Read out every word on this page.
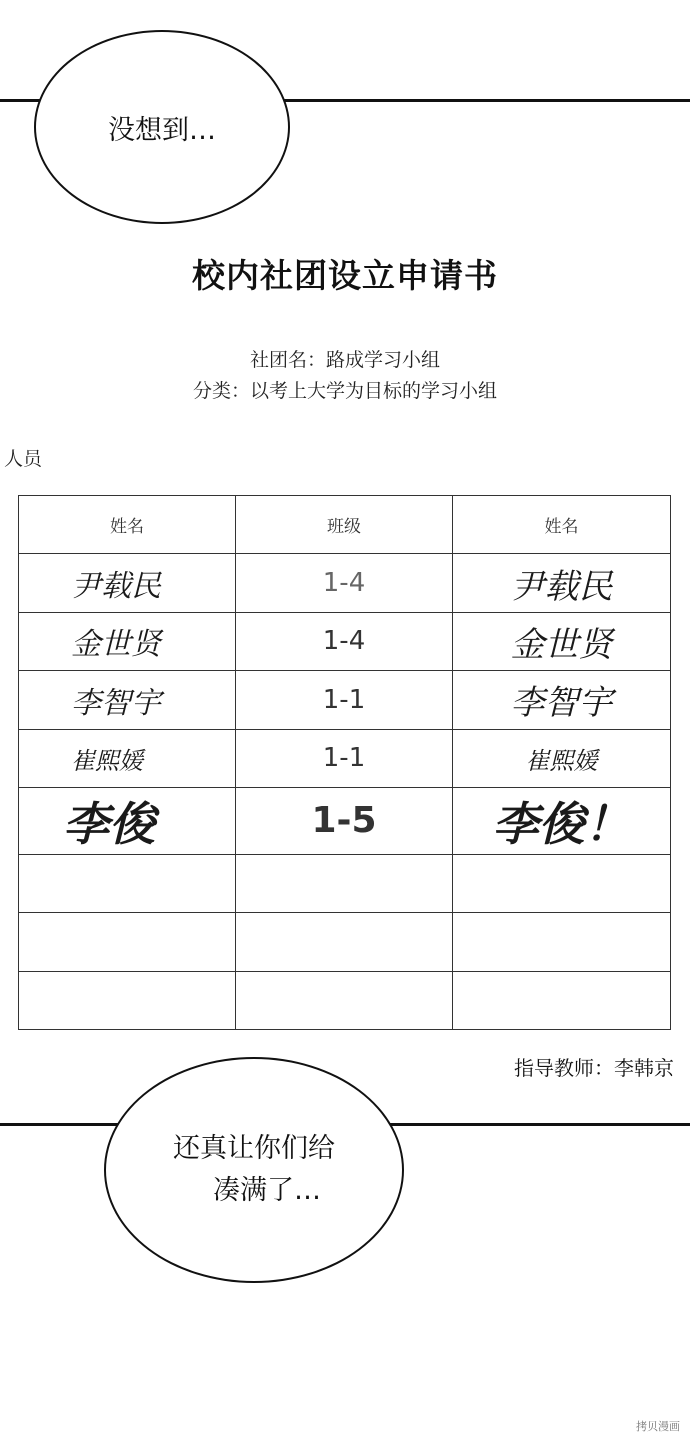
没想到…
校内社团设立申请书
社团名：路成学习小组
分类：以考上大学为目标的学习小组
人员
姓名	班级	姓名
尹载民	1-4	尹载民
金世贤	1-4	金世贤
李智宇	1-1	李智宇
崔熙媛	1-1	崔熙媛
李俊	1-5	李俊！

指导教师：李韩京
还真让你们给
凑满了…
拷贝漫画
